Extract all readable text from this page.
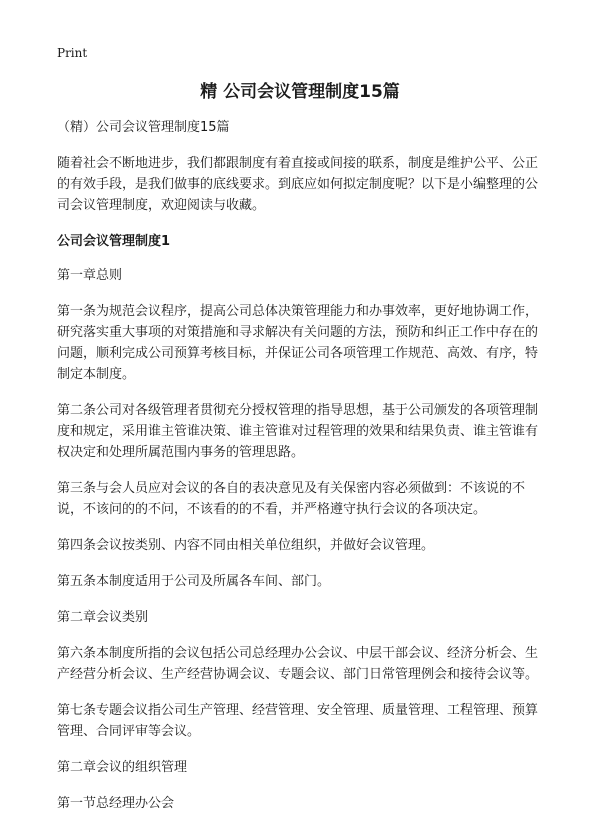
Print
精 公司会议管理制度15篇

（精）公司会议管理制度15篇

随着社会不断地进步，我们都跟制度有着直接或间接的联系，制度是维护公平、公正的有效手段，是我们做事的底线要求。到底应如何拟定制度呢？以下是小编整理的公司会议管理制度，欢迎阅读与收藏。

公司会议管理制度1

第一章总则

第一条为规范会议程序，提高公司总体决策管理能力和办事效率，更好地协调工作，研究落实重大事项的对策措施和寻求解决有关问题的方法，预防和纠正工作中存在的问题，顺利完成公司预算考核目标，并保证公司各项管理工作规范、高效、有序，特制定本制度。

第二条公司对各级管理者贯彻充分授权管理的指导思想，基于公司颁发的各项管理制度和规定，采用谁主管谁决策、谁主管谁对过程管理的效果和结果负责、谁主管谁有权决定和处理所属范围内事务的管理思路。

第三条与会人员应对会议的各自的表决意见及有关保密内容必须做到：不该说的不说，不该问的的不问，不该看的的不看，并严格遵守执行会议的各项决定。

第四条会议按类别、内容不同由相关单位组织，并做好会议管理。

第五条本制度适用于公司及所属各车间、部门。

第二章会议类别

第六条本制度所指的会议包括公司总经理办公会议、中层干部会议、经济分析会、生产经营分析会议、生产经营协调会议、专题会议、部门日常管理例会和接待会议等。

第七条专题会议指公司生产管理、经营管理、安全管理、质量管理、工程管理、预算管理、合同评审等会议。

第二章会议的组织管理

第一节总经理办公会
